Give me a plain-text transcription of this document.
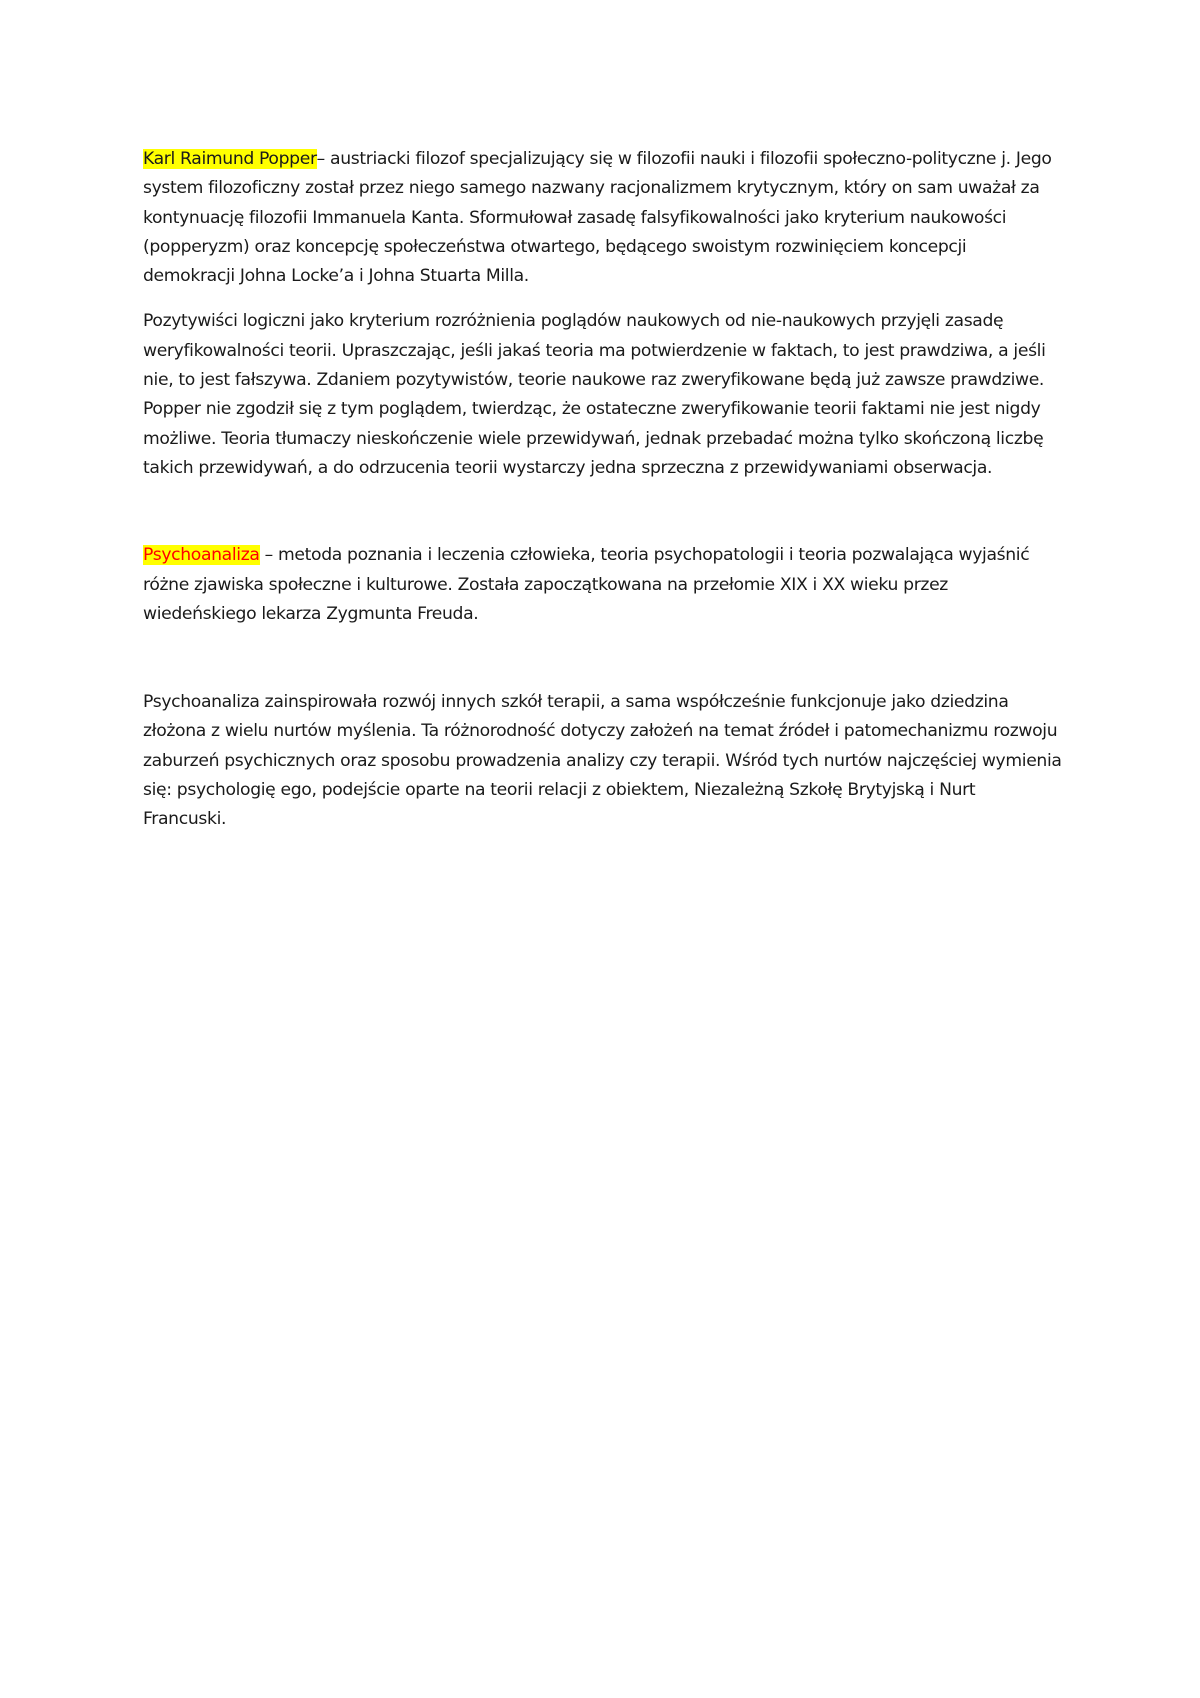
Karl Raimund Popper– austriacki filozof specjalizujący się w filozofii nauki i filozofii społeczno-polityczne j. Jego system filozoficzny został przez niego samego nazwany racjonalizmem krytycznym, który on sam uważał za kontynuację filozofii Immanuela Kanta. Sformułował zasadę falsyfikowalności jako kryterium naukowości (popperyzm) oraz koncepcję społeczeństwa otwartego, będącego swoistym rozwinięciem koncepcji demokracji Johna Locke’a i Johna Stuarta Milla.

Pozytywiści logiczni jako kryterium rozróżnienia poglądów naukowych od nie-naukowych przyjęli zasadę weryfikowalności teorii. Upraszczając, jeśli jakaś teoria ma potwierdzenie w faktach, to jest prawdziwa, a jeśli nie, to jest fałszywa. Zdaniem pozytywistów, teorie naukowe raz zweryfikowane będą już zawsze prawdziwe. Popper nie zgodził się z tym poglądem, twierdząc, że ostateczne zweryfikowanie teorii faktami nie jest nigdy możliwe. Teoria tłumaczy nieskończenie wiele przewidywań, jednak przebadać można tylko skończoną liczbę takich przewidywań, a do odrzucenia teorii wystarczy jedna sprzeczna z przewidywaniami obserwacja.

Psychoanaliza – metoda poznania i leczenia człowieka, teoria psychopatologii i teoria pozwalająca wyjaśnić różne zjawiska społeczne i kulturowe. Została zapoczątkowana na przełomie XIX i XX wieku przez wiedeńskiego lekarza Zygmunta Freuda.

Psychoanaliza zainspirowała rozwój innych szkół terapii, a sama współcześnie funkcjonuje jako dziedzina złożona z wielu nurtów myślenia. Ta różnorodność dotyczy założeń na temat źródeł i patomechanizmu rozwoju zaburzeń psychicznych oraz sposobu prowadzenia analizy czy terapii. Wśród tych nurtów najczęściej wymienia się: psychologię ego, podejście oparte na teorii relacji z obiektem, Niezależną Szkołę Brytyjską i Nurt Francuski.
